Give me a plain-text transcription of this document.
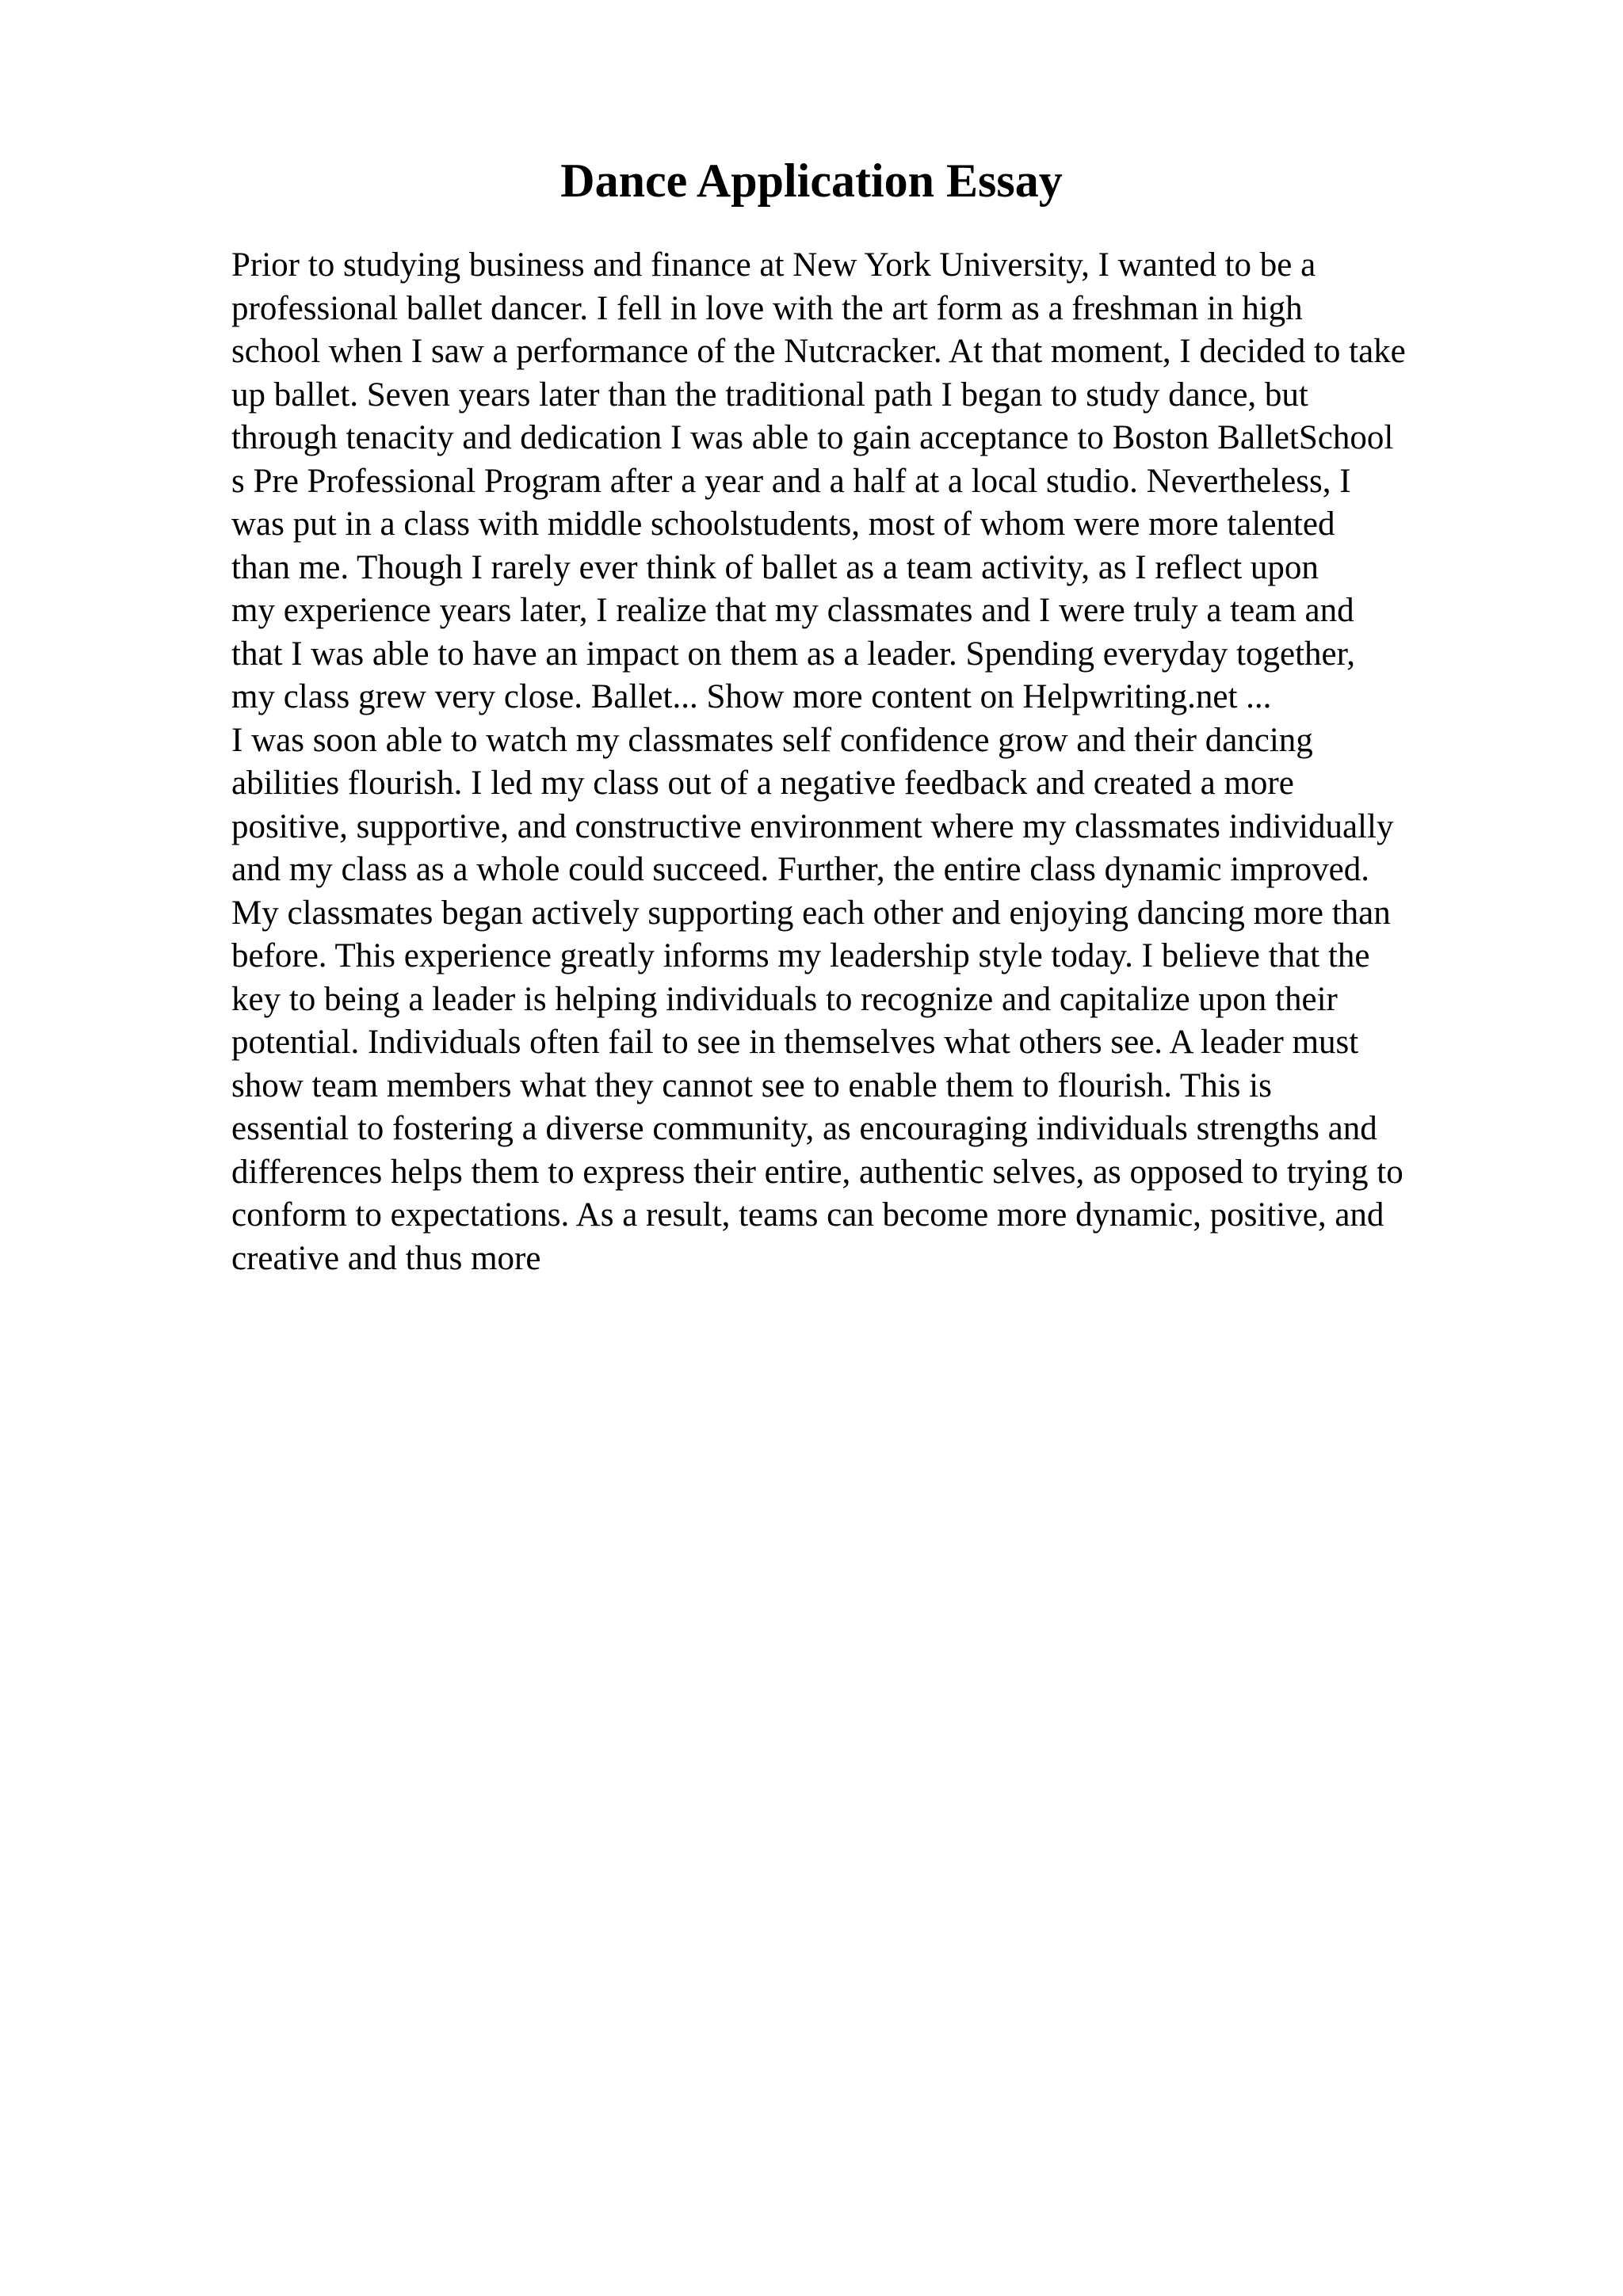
Dance Application Essay
Prior to studying business and finance at New York University, I wanted to be a
professional ballet dancer. I fell in love with the art form as a freshman in high
school when I saw a performance of the Nutcracker. At that moment, I decided to take
up ballet. Seven years later than the traditional path I began to study dance, but
through tenacity and dedication I was able to gain acceptance to Boston BalletSchool
s Pre Professional Program after a year and a half at a local studio. Nevertheless, I
was put in a class with middle schoolstudents, most of whom were more talented
than me. Though I rarely ever think of ballet as a team activity, as I reflect upon
my experience years later, I realize that my classmates and I were truly a team and
that I was able to have an impact on them as a leader. Spending everyday together,
my class grew very close. Ballet... Show more content on Helpwriting.net ...
I was soon able to watch my classmates self confidence grow and their dancing
abilities flourish. I led my class out of a negative feedback and created a more
positive, supportive, and constructive environment where my classmates individually
and my class as a whole could succeed. Further, the entire class dynamic improved.
My classmates began actively supporting each other and enjoying dancing more than
before. This experience greatly informs my leadership style today. I believe that the
key to being a leader is helping individuals to recognize and capitalize upon their
potential. Individuals often fail to see in themselves what others see. A leader must
show team members what they cannot see to enable them to flourish. This is
essential to fostering a diverse community, as encouraging individuals strengths and
differences helps them to express their entire, authentic selves, as opposed to trying to
conform to expectations. As a result, teams can become more dynamic, positive, and
creative and thus more
